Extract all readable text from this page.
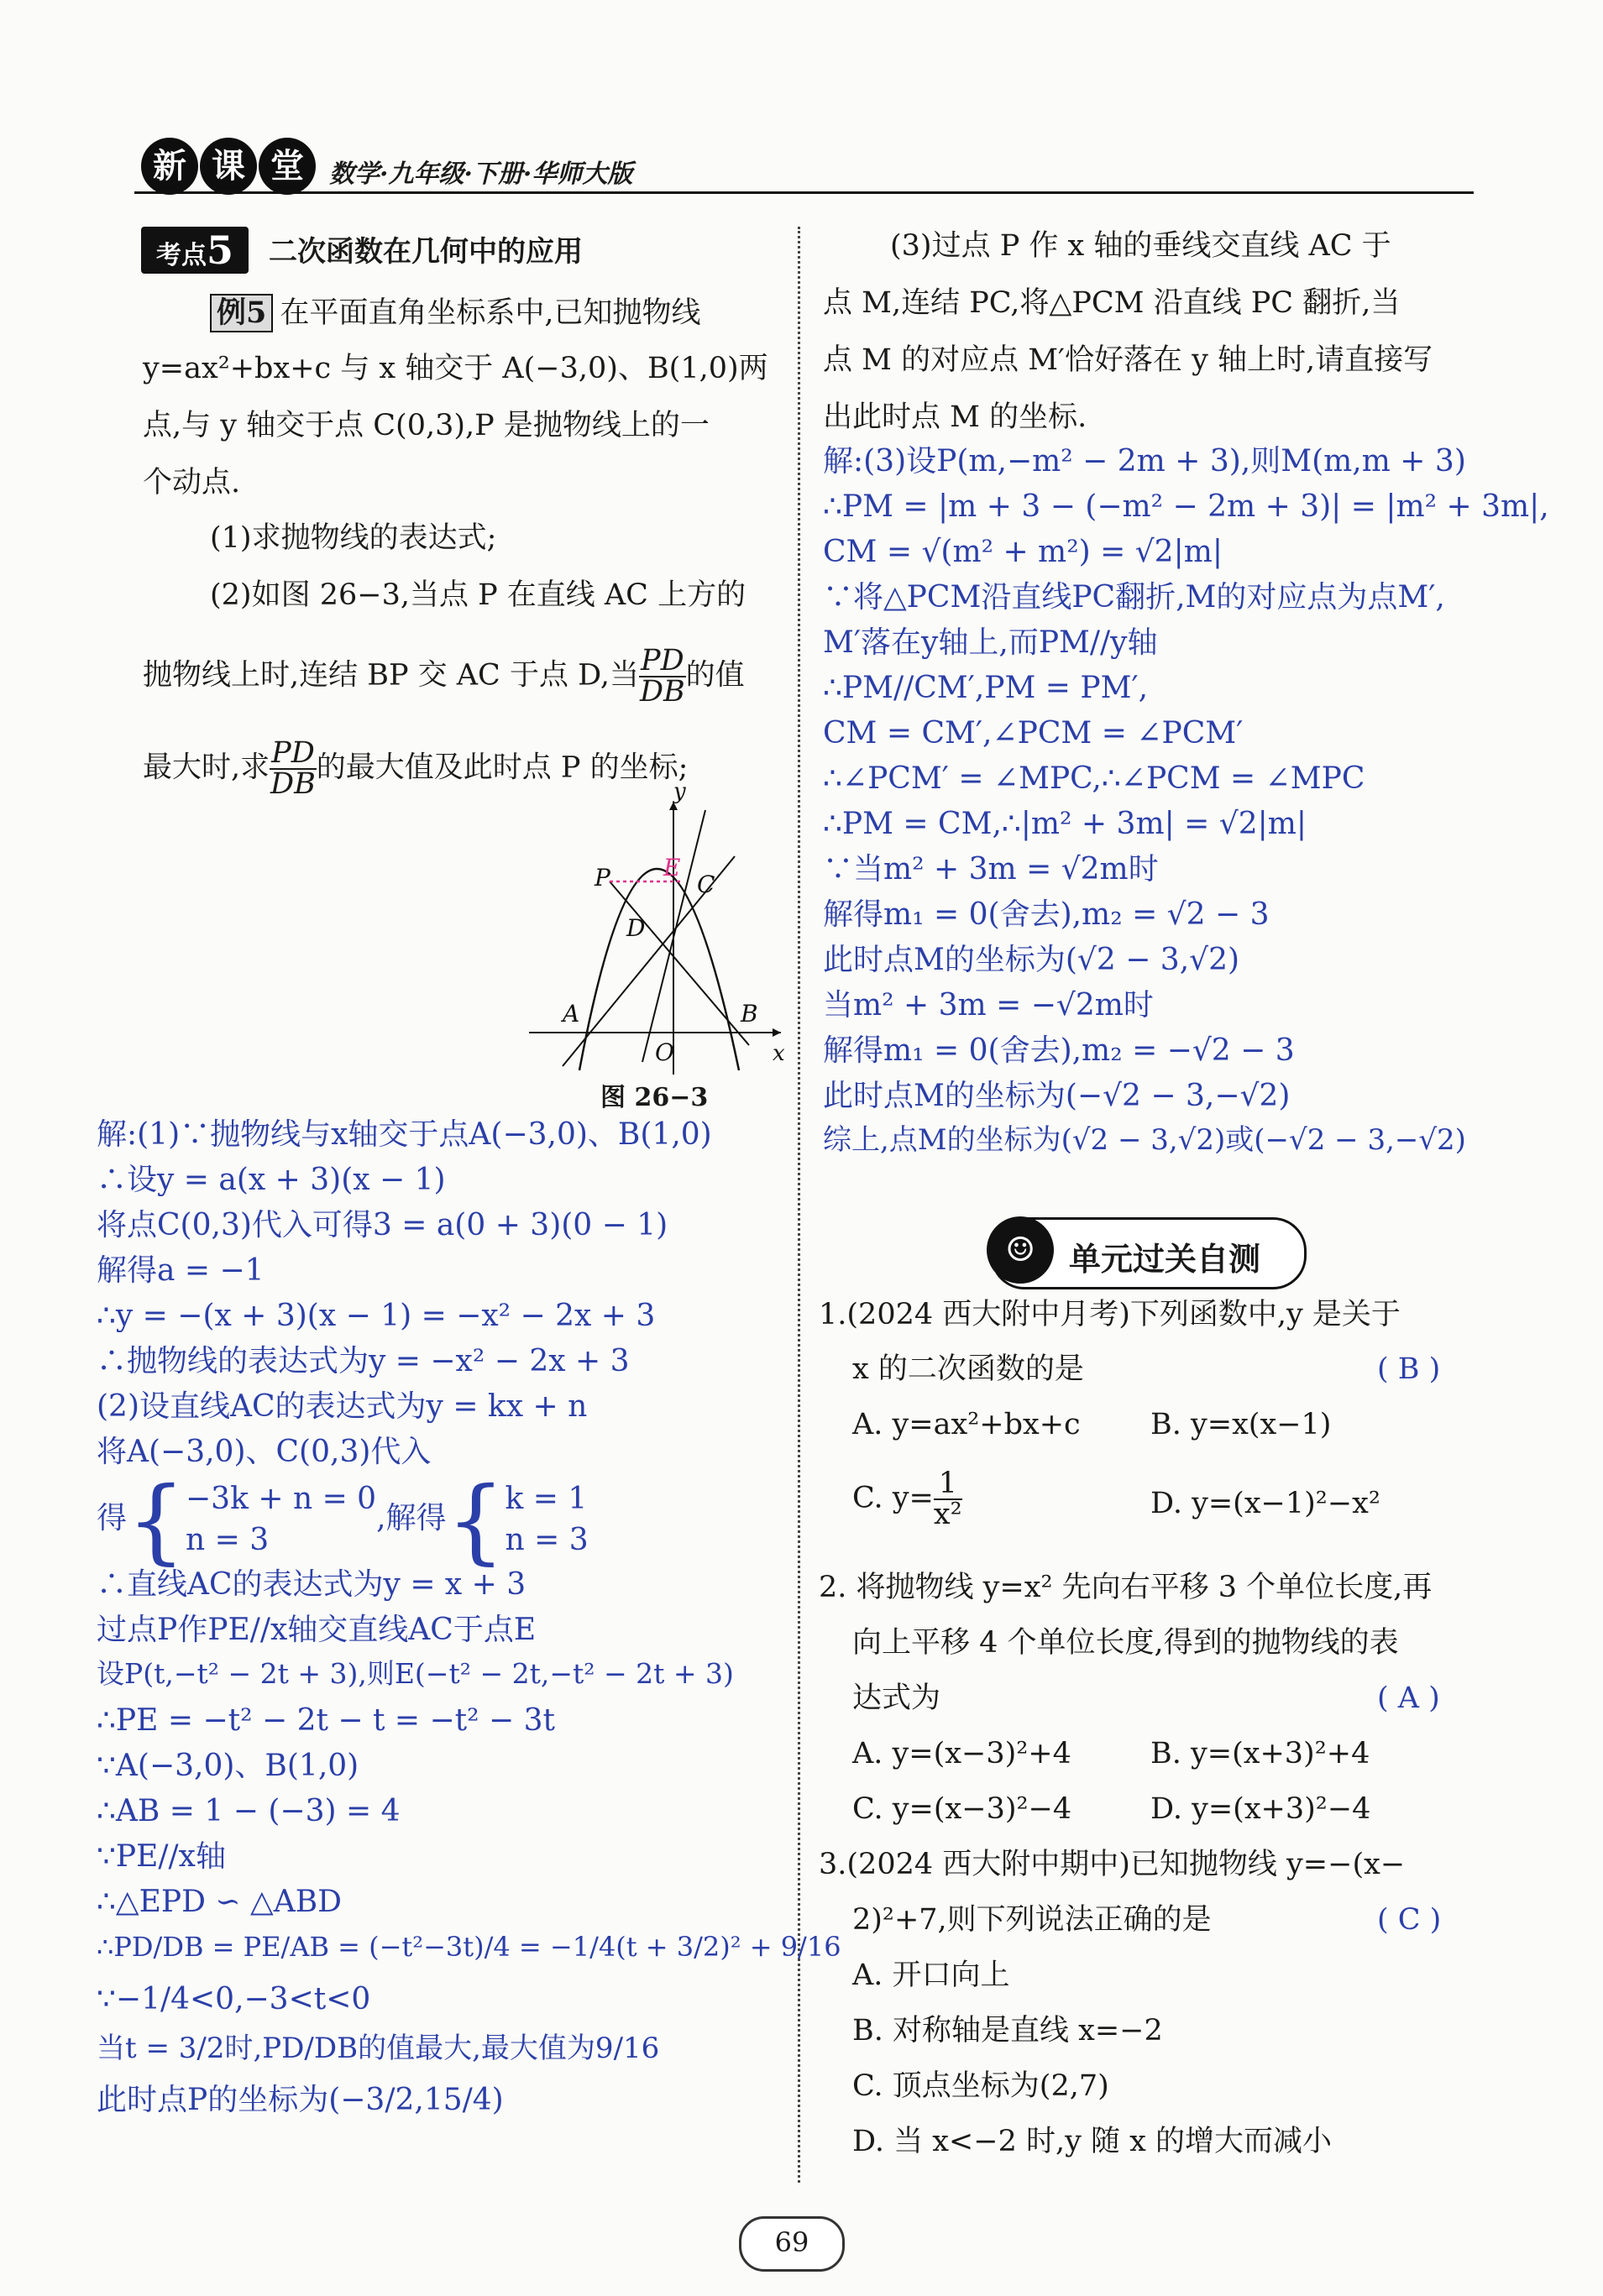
新 课 堂	数学·九年级·下册·华师大版
考点5	二次函数在几何中的应用
例5 在平面直角坐标系中,已知抛物线
y=ax²+bx+c 与 x 轴交于 A(−3,0)、B(1,0)两
点,与 y 轴交于点 C(0,3),P 是抛物线上的一
个动点.
(1)求抛物线的表达式;
(2)如图 26−3,当点 P 在直线 AC 上方的
抛物线上时,连结 BP 交 AC 于点 D,当 $\frac{PD}{DB}$ 的值
最大时,求 $\frac{PD}{DB}$ 的最大值及此时点 P 的坐标;
y
P E
C
D
A	B
O	x
图 26−3
解:(1)∵抛物线与x轴交于点A(−3,0)、B(1,0)
∴设y = a(x + 3)(x − 1)
将点C(0,3)代入可得3 = a(0 + 3)(0 − 1)
解得a = −1
∴y = −(x + 3)(x − 1) = −x² − 2x + 3
∴抛物线的表达式为y = −x² − 2x + 3
(2)设直线AC的表达式为y = kx + n
将A(−3,0)、C(0,3)代入
得{−3k + n = 0
n = 3,解得{k = 1
n = 3
∴直线AC的表达式为y = x + 3
过点P作PE//x轴交直线AC于点E
设P(t,−t² − 2t + 3),则E(−t² − 2t,−t² − 2t + 3)
∴PE = −t² − 2t − t = −t² − 3t
∵A(−3,0)、B(1,0)
∴AB = 1 − (−3) = 4
∵PE//x轴
∴△EPD ∽ △ABD
∴PD/DB = PE/AB = (−t²−3t)/4 = −1/4(t + 3/2)² + 9/16
∵−1/4<0,−3<t<0
当t = 3/2时,PD/DB的值最大,最大值为9/16
此时点P的坐标为(−3/2,15/4)
(3)过点 P 作 x 轴的垂线交直线 AC 于
点 M,连结 PC,将△PCM 沿直线 PC 翻折,当
点 M 的对应点 M′恰好落在 y 轴上时,请直接写
出此时点 M 的坐标.
解:(3)设P(m,−m² − 2m + 3),则M(m,m + 3)
∴PM = |m + 3 − (−m² − 2m + 3)| = |m² + 3m|,
CM = √(m² + m²) = √2|m|
∵将△PCM沿直线PC翻折,M的对应点为点M′,
M′落在y轴上,而PM//y轴
∴PM//CM′,PM = PM′,
CM = CM′,∠PCM = ∠PCM′
∴∠PCM′ = ∠MPC,∴∠PCM = ∠MPC
∴PM = CM,∴|m² + 3m| = √2|m|
∵当m² + 3m = √2m时
解得m₁ = 0(舍去),m₂ = √2 − 3
此时点M的坐标为(√2 − 3,√2)
当m² + 3m = −√2m时
解得m₁ = 0(舍去),m₂ = −√2 − 3
此时点M的坐标为(−√2 − 3,−√2)
综上,点M的坐标为(√2 − 3,√2)或(−√2 − 3,−√2)
☺	单元过关自测
1.(2024 西大附中月考)下列函数中,y 是关于
x 的二次函数的是	( B )
A. y=ax²+bx+c B. y=x(x−1)
C. $y= \frac{1}{\text{x²}}$	D. y=(x−1)²−x²
2. 将抛物线 y=x² 先向右平移 3 个单位长度,再
向上平移 4 个单位长度,得到的抛物线的表
达式为	( A )
A. y=(x−3)²+4	B. y=(x+3)²+4
C. y=(x−3)²−4	D. y=(x+3)²−4
3.(2024 西大附中期中)已知抛物线 y=−(x−
2)²+7,则下列说法正确的是	( C )
A. 开口向上
B. 对称轴是直线 x=−2
C. 顶点坐标为(2,7)
D. 当 x<−2 时,y 随 x 的增大而减小
69
